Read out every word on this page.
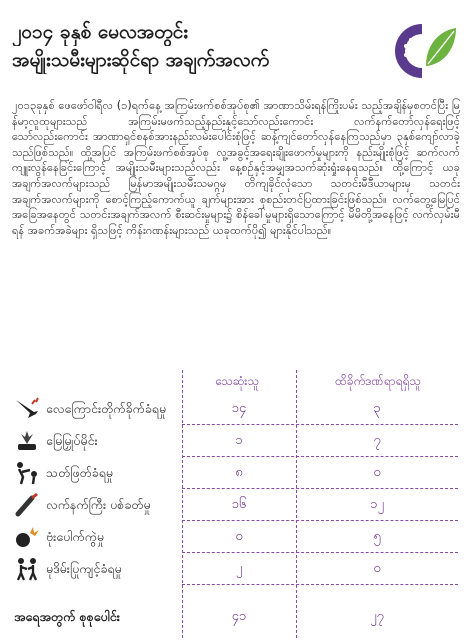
၂၀၁၄ ခုနှစ် မေလအတွင်း
အမျိုးသမီးများဆိုင်ရာ အချက်အလက်

၂၀၁၃ခုနှစ် ဖေဖော်ဝါရီလ (၁)ရက်နေ့ အကြမ်းဖက်စစ်အုပ်စု၏ အာဏာသိမ်းရန်ကြိုးပမ်း သည့်အချိန်မှစတင်ပြီး မြန်မာ့လူထုများသည် အကြမ်းမဖက်သည့်နည်းနှင့်သော်လည်းကောင်း လက်နက်တော်လှန်ရေးဖြင့်သော်လည်းကောင်း အာဏာရှင်စနစ်အားနည်းလမ်းပေါင်းစုံဖြင့် ဆန့်ကျင်တော်လှန်နေကြသည်မှာ ၃နှစ်ကျော်လာခဲ့သည်ဖြစ်သည်။ ထို့အပြင် အကြမ်းဖက်စစ်အုပ်စု လူ့အခွင့်အရေးချိုးဖောက်မှုများကို နည်းမျိုးစုံဖြင့် ဆက်လက်ကျူးလွန်နေခြင်းကြောင့် အမျိုးသမီးများသည်လည်း နေ့စဉ်နှင့်အမျှအသက်ဆုံးရှုံးနေရသည်။ ထို့ကြောင့် ယခုအချက်အလက်များသည် မြန်မာအမျိုးသမီးသမဂ္ဂမှ တိကျခိုင်လုံသော သတင်းမီဒီယာများမှ သတင်းအချက်အလက်များကို စောင့်ကြည့်ကောက်ယူ ချက်များအား စုစည်းတင်ပြထားခြင်းဖြစ်သည်။ လက်တွေ့မြေပြင် အခြေအနေတွင် သတင်းအချက်အလက် စီးဆင်းမှုများ၌ စိန်ခေါ်မှုများရှိသောကြောင့် မိမိတို့အနေဖြင့် လက်လှမ်းမီရန် အခက်အခဲများ ရှိသဖြင့် ကိန်းဂဏန်းများသည် ယခုထက်ပို၍ များနိုင်ပါသည်။

သေဆုံးသူ	ထိခိုက်ဒဏ်ရာရရှိသူ
လေကြောင်းတိုက်ခိုက်ခံရမှု	၁၄	၃
မြေမြှုပ်မိုင်း	၁	၇
သတ်ဖြတ်ခံရမှု	၈	၀
လက်နက်ကြီး ပစ်ခတ်မှု	၁၆	၁၂
ဗုံးပေါက်ကွဲမှု	၀	၅
မုဒိမ်းပြုကျင့်ခံရမှု	၂	၀
အရေအတွက် စုစုပေါင်း	၄၁	၂၇
